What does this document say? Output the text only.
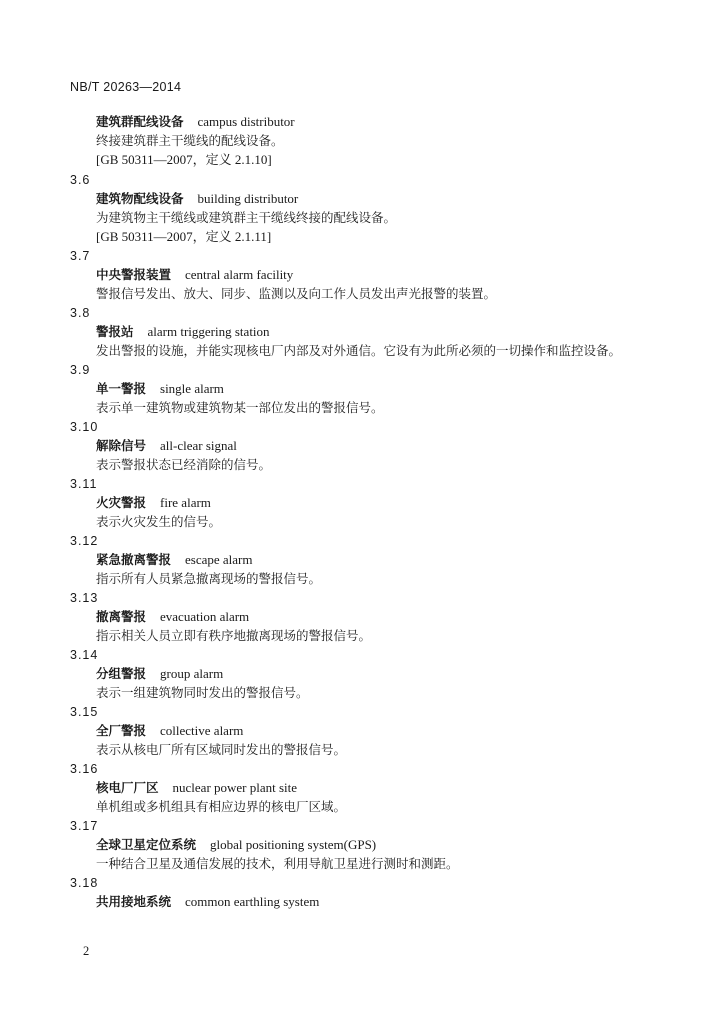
NB/T 20263—2014
建筑群配线设备 campus distributor
终接建筑群主干缆线的配线设备。
[GB 50311—2007，定义 2.1.10]
3.6
建筑物配线设备 building distributor
为建筑物主干缆线或建筑群主干缆线终接的配线设备。
[GB 50311—2007，定义 2.1.11]
3.7
中央警报装置 central alarm facility
警报信号发出、放大、同步、监测以及向工作人员发出声光报警的装置。
3.8
警报站 alarm triggering station
发出警报的设施，并能实现核电厂内部及对外通信。它设有为此所必须的一切操作和监控设备。
3.9
单一警报 single alarm
表示单一建筑物或建筑物某一部位发出的警报信号。
3.10
解除信号 all-clear signal
表示警报状态已经消除的信号。
3.11
火灾警报 fire alarm
表示火灾发生的信号。
3.12
紧急撤离警报 escape alarm
指示所有人员紧急撤离现场的警报信号。
3.13
撤离警报 evacuation alarm
指示相关人员立即有秩序地撤离现场的警报信号。
3.14
分组警报 group alarm
表示一组建筑物同时发出的警报信号。
3.15
全厂警报 collective alarm
表示从核电厂所有区域同时发出的警报信号。
3.16
核电厂厂区 nuclear power plant site
单机组或多机组具有相应边界的核电厂区域。
3.17
全球卫星定位系统 global positioning system(GPS)
一种结合卫星及通信发展的技术，利用导航卫星进行测时和测距。
3.18
共用接地系统 common earthling system
2
